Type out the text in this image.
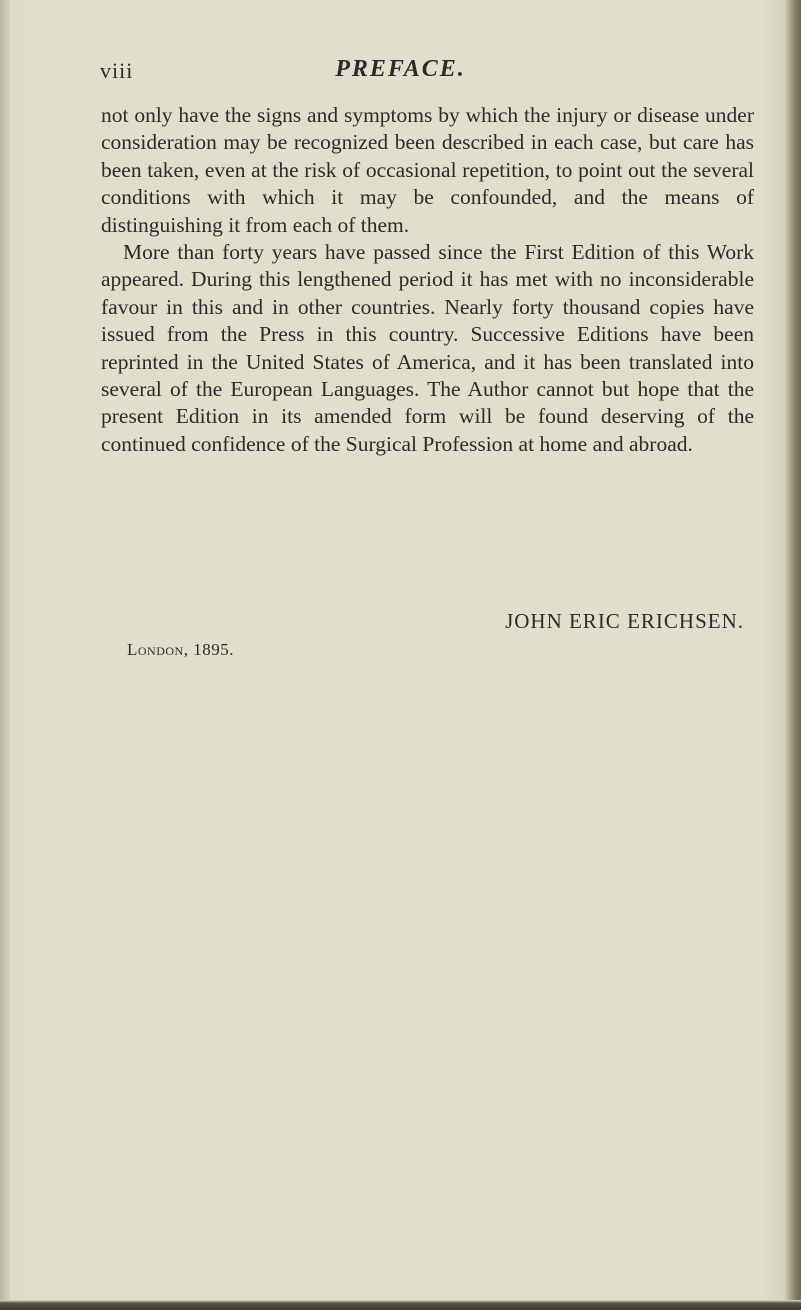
viii	PREFACE.

not only have the signs and symptoms by which the injury or disease under consideration may be recognized been described in each case, but care has been taken, even at the risk of occasional repetition, to point out the several conditions with which it may be confounded, and the means of distinguishing it from each of them.

More than forty years have passed since the First Edition of this Work appeared. During this lengthened period it has met with no inconsiderable favour in this and in other countries. Nearly forty thousand copies have issued from the Press in this country. Successive Editions have been reprinted in the United States of America, and it has been translated into several of the European Languages. The Author cannot but hope that the present Edition in its amended form will be found deserving of the continued confidence of the Surgical Profession at home and abroad.

JOHN ERIC ERICHSEN.
London, 1895.
